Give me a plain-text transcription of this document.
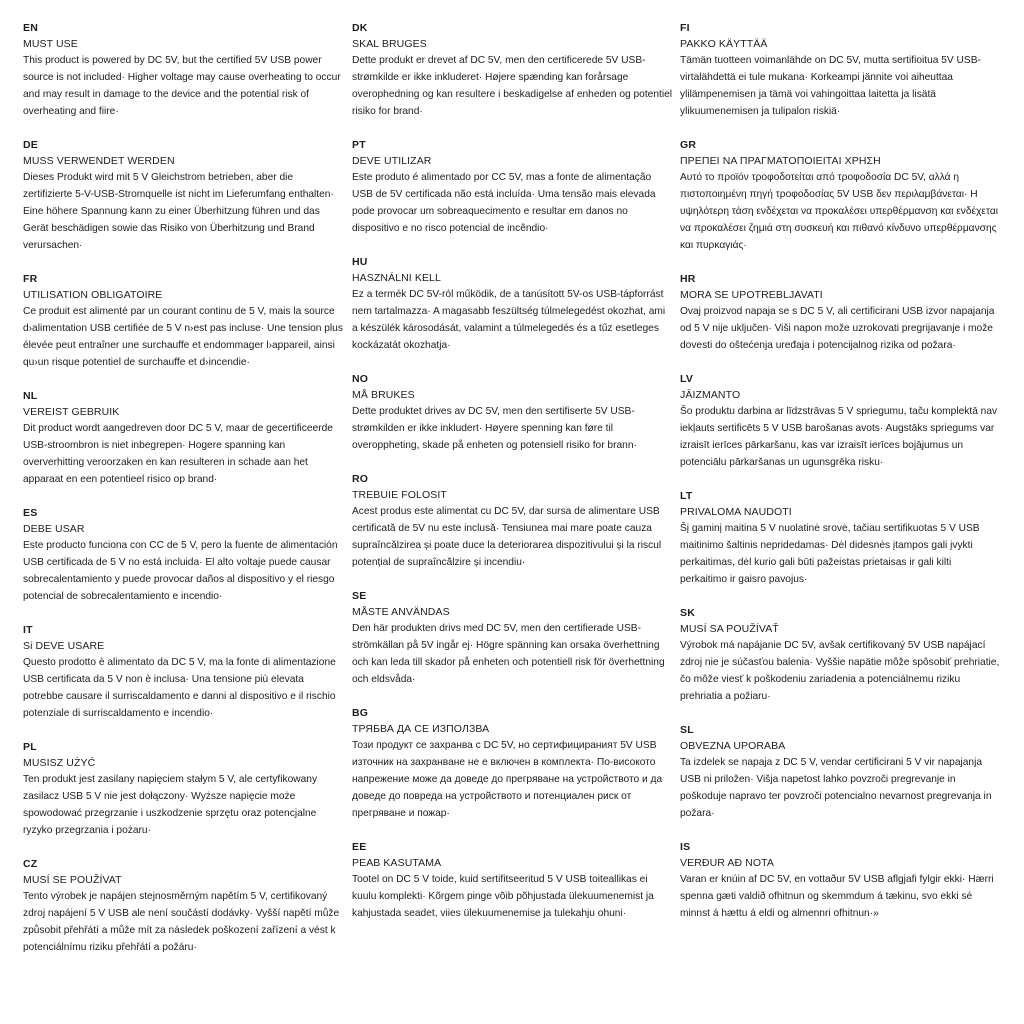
EN
MUST USE

This product is powered by DC 5V, but the certified 5V USB power source is not included· Higher voltage may cause overheating to occur and may result in damage to the device and the potential risk of overheating and fiire·

DE
MUSS VERWENDET WERDEN

Dieses Produkt wird mit 5 V Gleichstrom betrieben, aber die zertifizierte 5-V-USB-Stromquelle ist nicht im Lieferumfang enthalten· Eine höhere Spannung kann zu einer Überhitzung führen und das Gerät beschädigen sowie das Risiko von Überhitzung und Brand verursachen·

FR
UTILISATION OBLIGATOIRE

Ce produit est alimenté par un courant continu de 5 V, mais la source d›alimentation USB certifiée de 5 V n›est pas incluse· Une tension plus élevée peut entraîner une surchauffe et endommager l›appareil, ainsi qu›un risque potentiel de surchauffe et d›incendie·

NL
VEREIST GEBRUIK

Dit product wordt aangedreven door DC 5 V, maar de gecertificeerde USB-stroombron is niet inbegrepen· Hogere spanning kan oververhitting veroorzaken en kan resulteren in schade aan het apparaat en een potentieel risico op brand·

ES
DEBE USAR

Este producto funciona con CC de 5 V, pero la fuente de alimentación USB certificada de 5 V no está incluida· El alto voltaje puede causar sobrecalentamiento y puede provocar daños al dispositivo y el riesgo potencial de sobrecalentamiento e incendio·

IT
Si DEVE USARE

Questo prodotto è alimentato da DC 5 V, ma la fonte di alimentazione USB certificata da 5 V non è inclusa· Una tensione più elevata potrebbe causare il surriscaldamento e danni al dispositivo e il rischio potenziale di surriscaldamento e incendio·

PL
MUSISZ UŻYĆ

Ten produkt jest zasilany napięciem stałym 5 V, ale certyfikowany zasilacz USB 5 V nie jest dołączony· Wyższe napięcie może spowodować przegrzanie i uszkodzenie sprzętu oraz potencjalne ryzyko przegrzania i pożaru·

CZ
MUSÍ SE POUŽÍVAT

Tento výrobek je napájen stejnosměrným napětím 5 V, certifikovaný zdroj napájení 5 V USB ale není součástí dodávky· Vyšší napětí může způsobit přehřátí a může mít za následek poškození zařízení a vést k potenciálnímu riziku přehřátí a požáru·

DK
SKAL BRUGES

Dette produkt er drevet af DC 5V, men den certificerede 5V USB-strømkilde er ikke inkluderet· Højere spænding kan forårsage overophedning og kan resultere i beskadigelse af enheden og potentiel risiko for brand·

PT
DEVE UTILIZAR

Este produto é alimentado por CC 5V, mas a fonte de alimentação USB de 5V certificada não está incluída· Uma tensão mais elevada pode provocar um sobreaquecimento e resultar em danos no dispositivo e no risco potencial de incêndio·

HU
HASZNÁLNI KELL

Ez a termék DC 5V-ról működik, de a tanúsított 5V-os USB-tápforrást nem tartalmazza· A magasabb feszültség túlmelegedést okozhat, ami a készülék károsodását, valamint a túlmelegedés és a tűz esetleges kockázatát okozhatja·

NO
MÅ BRUKES

Dette produktet drives av DC 5V, men den sertifiserte 5V USB-strømkilden er ikke inkludert· Høyere spenning kan føre til overoppheting, skade på enheten og potensiell risiko for brann·

RO
TREBUIE FOLOSIT

Acest produs este alimentat cu DC 5V, dar sursa de alimentare USB certificată de 5V nu este inclusă· Tensiunea mai mare poate cauza supraîncălzirea și poate duce la deteriorarea dispozitivului și la riscul potențial de supraîncălzire și incendiu·

SE
MÅSTE ANVÄNDAS

Den här produkten drivs med DC 5V, men den certifierade USB-strömkällan på 5V ingår ej· Högre spänning kan orsaka överhettning och kan leda till skador på enheten och potentiell risk för överhettning och eldsvåda·

BG
ТРЯБВА ДА СЕ ИЗПОЛЗВА

Този продукт се захранва с DC 5V, но сертифицираният 5V USB източник на захранване не е включен в комплекта· По-високото напрежение може да доведе до прегряване на устройството и да доведе до повреда на устройството и потенциален риск от прегряване и пожар·

EE
PEAB KASUTAMA

Tootel on DC 5 V toide, kuid sertifitseeritud 5 V USB toiteallikas ei kuulu komplekti· Kõrgem pinge võib põhjustada ülekuumenemist ja kahjustada seadet, viies ülekuumenemise ja tulekahju ohuni·

FI
PAKKO KÄYTTÄÄ

Tämän tuotteen voimanlähde on DC 5V, mutta sertifioitua 5V USB-virtalähdettä ei tule mukana· Korkeampi jännite voi aiheuttaa ylilämpenemisen ja tämä voi vahingoittaa laitetta ja lisätä ylikuumenemisen ja tulipalon riskiä·

GR
ΠΡΕΠΕΙ ΝΑ ΠΡΑΓΜΑΤΟΠΟΙΕΙΤΑΙ ΧΡΗΣΗ

Αυτό το προϊόν τροφοδοτείται από τροφοδοσία DC 5V, αλλά η πιστοποιημένη πηγή τροφοδοσίας 5V USB δεν περιλαμβάνεται· Η υψηλότερη τάση ενδέχεται να προκαλέσει υπερθέρμανση και ενδέχεται να προκαλέσει ζημιά στη συσκευή και πιθανό κίνδυνο υπερθέρμανσης και πυρκαγιάς·

HR
MORA SE UPOTREBLJAVATI

Ovaj proizvod napaja se s DC 5 V, ali certificirani USB izvor napajanja od 5 V nije uključen· Viši napon može uzrokovati pregrijavanje i može dovesti do oštećenja uređaja i potencijalnog rizika od požara·

LV
JĀIZMANTO

Šo produktu darbina ar līdzstrāvas 5 V spriegumu, taču komplektā nav iekļauts sertificēts 5 V USB barošanas avots· Augstāks spriegums var izraisīt ierīces pārkaršanu, kas var izraisīt ierīces bojājumus un potenciālu pārkaršanas un ugunsgrēka risku·

LT
PRIVALOMA NAUDOTI

Šį gaminį maitina 5 V nuolatinė srovė, tačiau sertifikuotas 5 V USB maitinimo šaltinis nepridedamas· Dėl didesnės įtampos gali įvykti perkaitimas, dėl kurio gali būti pažeistas prietaisas ir gali kilti perkaitimo ir gaisro pavojus·

SK
MUSÍ SA POUŽÍVAŤ

Výrobok má napájanie DC 5V, avšak certifikovaný 5V USB napájací zdroj nie je súčasťou balenia· Vyššie napätie môže spôsobiť prehriatie, čo môže viesť k poškodeniu zariadenia a potenciálnemu riziku prehriatia a požiaru·

SL
OBVEZNA UPORABA

Ta izdelek se napaja z DC 5 V, vendar certificirani 5 V vir napajanja USB ni priložen· Višja napetost lahko povzroči pregrevanje in poškoduje napravo ter povzroči potencialno nevarnost pregrevanja in požara·

IS
VERÐUR AÐ NOTA

Varan er knúin af DC 5V, en vottaður 5V USB aflgjafi fylgir ekki· Hærri spenna gæti valdið ofhitnun og skemmdum á tækinu, svo ekki sé minnst á hættu á eldi og almennri ofhitnun·»
